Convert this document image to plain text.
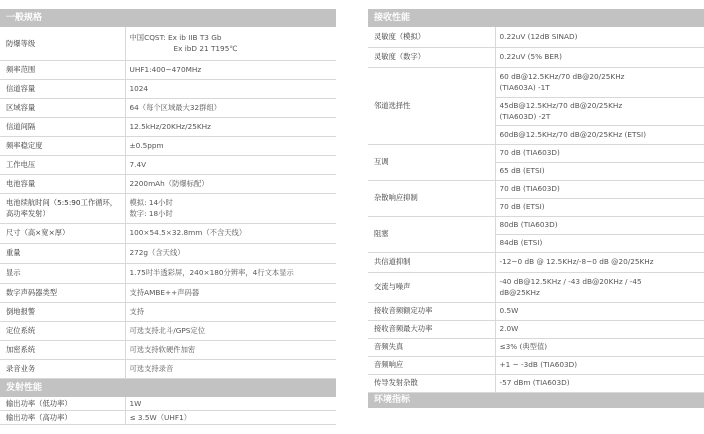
一般规格
防爆等级	中国CQST: Ex ib IIB T3 Gb
Ex ibD 21 T195℃

频率范围	UHF1:400~470MHz

信道容量	1024

区域容量	64（每个区域最大32群组）

信道间隔	12.5kHz/20KHz/25KHz

频率稳定度	±0.5ppm

工作电压	7.4V

电池容量	2200mAh（防爆标配）

电池续航时间（5:5:90工作循环，高功率发射）	模拟: 14小时
数字: 18小时

尺寸（高×宽×厚）	100×54.5×32.8mm（不含天线）

重量	272g（含天线）

显示	1.75吋半透彩屏，240×180分辨率，4行文本显示

数字声码器类型	支持AMBE++声码器

倒地报警	支持

定位系统	可选支持北斗/GPS定位

加密系统	可选支持软硬件加密

录音业务	可选支持录音
发射性能
输出功率（低功率）	1W

输出功率（高功率）	≤ 3.5W（UHF1）
接收性能
灵敏度（模拟）	0.22uV (12dB SINAD)

灵敏度（数字）	0.22uV (5% BER)

邻道选择性	60 dB@12.5KHz/70 dB@20/25KHz
(TIA603A) -1T

	45dB@12.5KHz/70 dB@20/25KHz
(TIA603D) -2T

	60dB@12.5KHz/70 dB@20/25KHz (ETSI)

互调	70 dB (TIA603D)

	65 dB (ETSI)

杂散响应抑制	70 dB (TIA603D)

	70 dB (ETSI)

阻塞	80dB (TIA603D)

	84dB (ETSI)

共信道抑制	-12~0 dB @ 12.5KHz/-8~0 dB @20/25KHz

交流与噪声	-40 dB@12.5KHz / -43 dB@20KHz / -45
dB@25KHz

接收音频额定功率	0.5W

接收音频最大功率	2.0W

音频失真	≤3% (典型值)

音频响应	+1 ~ -3dB (TIA603D)

传导发射杂散	-57 dBm (TIA603D)
环境指标
